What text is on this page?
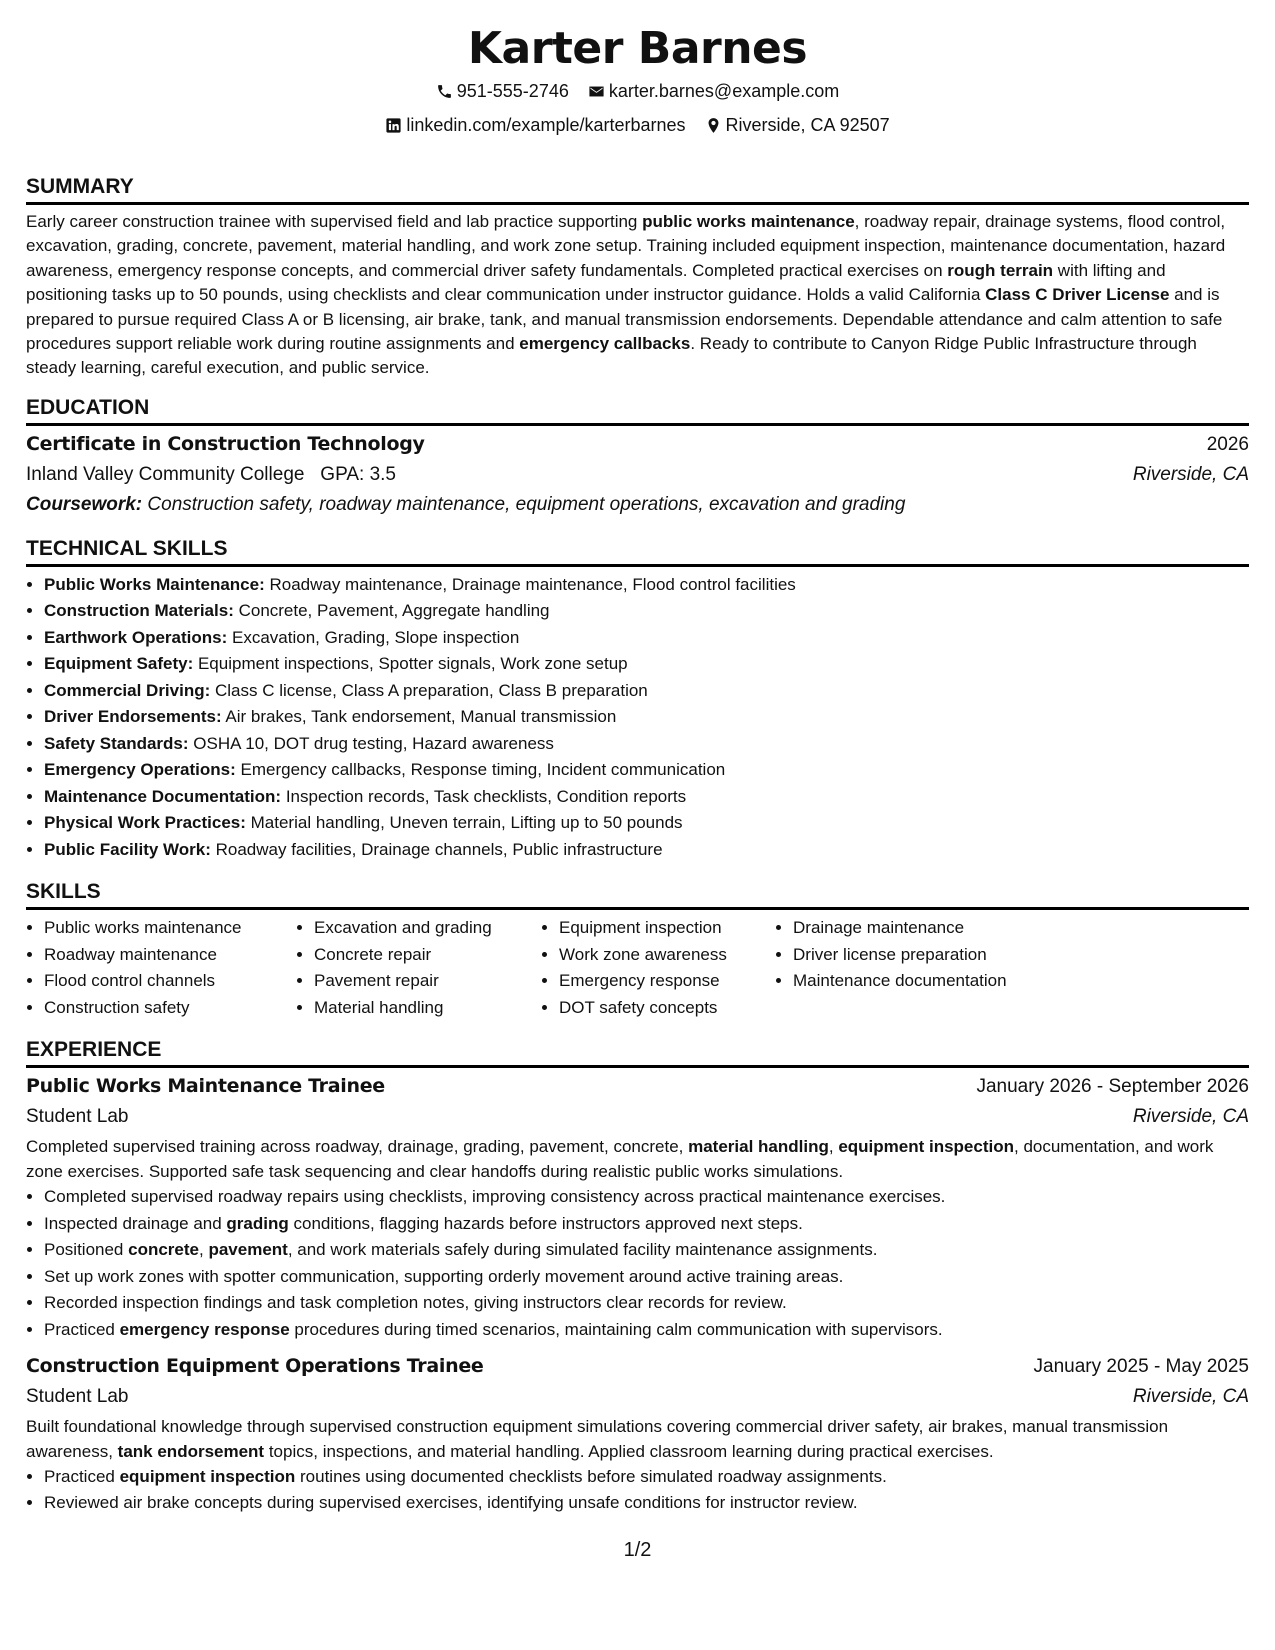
Karter Barnes
951-555-2746
karter.barnes@example.com
linkedin.com/example/karterbarnes
Riverside, CA 92507
SUMMARY

Early career construction trainee with supervised field and lab practice supporting public works maintenance, roadway repair, drainage systems, flood control, excavation, grading, concrete, pavement, material handling, and work zone setup. Training included equipment inspection, maintenance documentation, hazard awareness, emergency response concepts, and commercial driver safety fundamentals. Completed practical exercises on rough terrain with lifting and positioning tasks up to 50 pounds, using checklists and clear communication under instructor guidance. Holds a valid California Class C Driver License and is prepared to pursue required Class A or B licensing, air brake, tank, and manual transmission endorsements. Dependable attendance and calm attention to safe procedures support reliable work during routine assignments and emergency callbacks. Ready to contribute to Canyon Ridge Public Infrastructure through steady learning, careful execution, and public service.

EDUCATION
Certificate in Construction Technology	2026
Inland Valley Community College GPA: 3.5	Riverside, CA
Coursework: Construction safety, roadway maintenance, equipment operations, excavation and grading
TECHNICAL SKILLS
• Public Works Maintenance: Roadway maintenance, Drainage maintenance, Flood control facilities
• Construction Materials: Concrete, Pavement, Aggregate handling
• Earthwork Operations: Excavation, Grading, Slope inspection
• Equipment Safety: Equipment inspections, Spotter signals, Work zone setup
• Commercial Driving: Class C license, Class A preparation, Class B preparation
• Driver Endorsements: Air brakes, Tank endorsement, Manual transmission
• Safety Standards: OSHA 10, DOT drug testing, Hazard awareness
• Emergency Operations: Emergency callbacks, Response timing, Incident communication
• Maintenance Documentation: Inspection records, Task checklists, Condition reports
• Physical Work Practices: Material handling, Uneven terrain, Lifting up to 50 pounds
• Public Facility Work: Roadway facilities, Drainage channels, Public infrastructure
SKILLS
• Public works maintenance
• Roadway maintenance
• Flood control channels
• Construction safety
• Excavation and grading
• Concrete repair
• Pavement repair
• Material handling
• Equipment inspection
• Work zone awareness
• Emergency response
• DOT safety concepts
• Drainage maintenance
• Driver license preparation
• Maintenance documentation
EXPERIENCE
Public Works Maintenance Trainee	January 2026 - September 2026
Student Lab	Riverside, CA

Completed supervised training across roadway, drainage, grading, pavement, concrete, material handling, equipment inspection, documentation, and work zone exercises. Supported safe task sequencing and clear handoffs during realistic public works simulations.

• Completed supervised roadway repairs using checklists, improving consistency across practical maintenance exercises.
• Inspected drainage and grading conditions, flagging hazards before instructors approved next steps.
• Positioned concrete, pavement, and work materials safely during simulated facility maintenance assignments.
• Set up work zones with spotter communication, supporting orderly movement around active training areas.
• Recorded inspection findings and task completion notes, giving instructors clear records for review.
• Practiced emergency response procedures during timed scenarios, maintaining calm communication with supervisors.
Construction Equipment Operations Trainee	January 2025 - May 2025
Student Lab	Riverside, CA

Built foundational knowledge through supervised construction equipment simulations covering commercial driver safety, air brakes, manual transmission awareness, tank endorsement topics, inspections, and material handling. Applied classroom learning during practical exercises.

• Practiced equipment inspection routines using documented checklists before simulated roadway assignments.
• Reviewed air brake concepts during supervised exercises, identifying unsafe conditions for instructor review.
1/2
